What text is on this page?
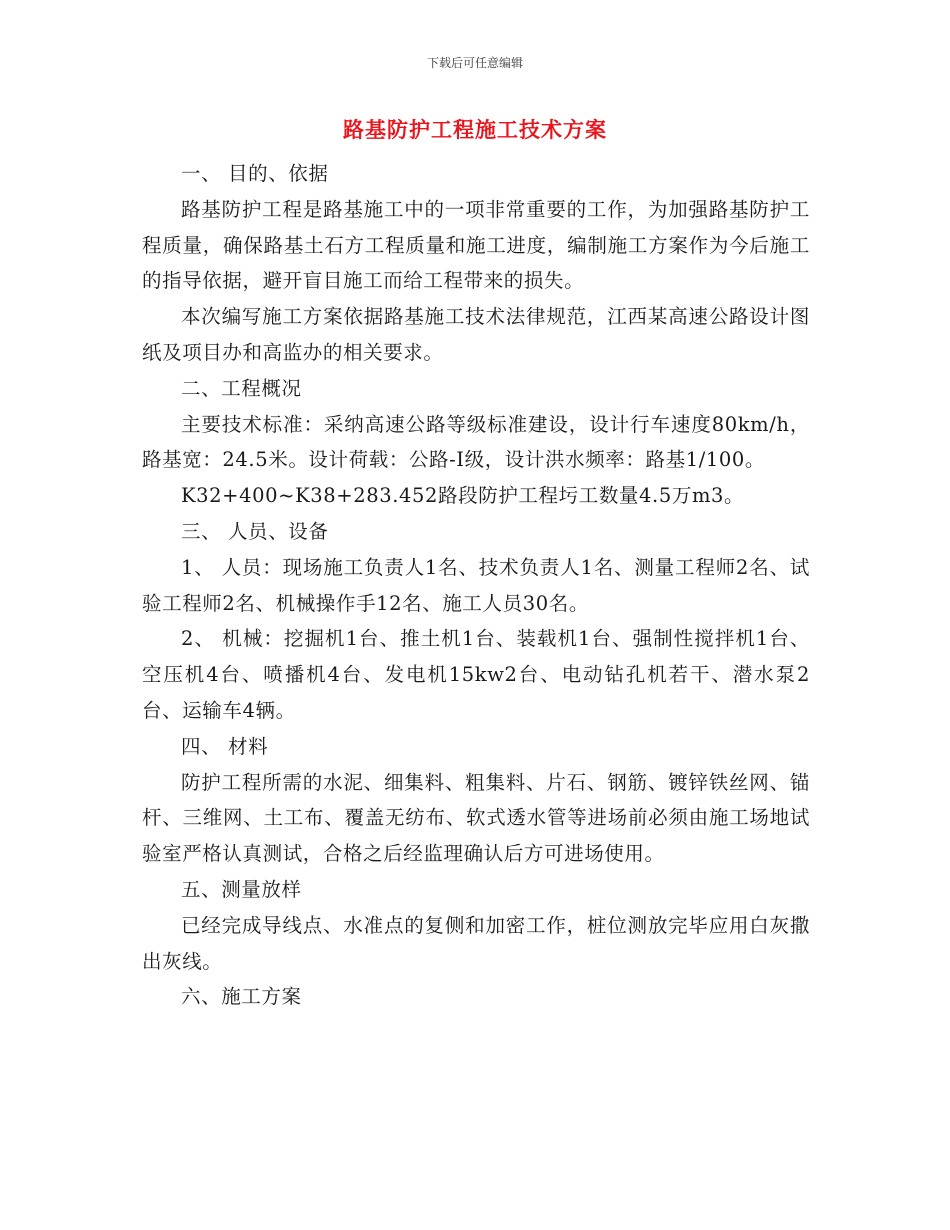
下载后可任意编辑
路基防护工程施工技术方案

一、 目的、依据

路基防护工程是路基施工中的一项非常重要的工作，为加强路基防护工程质量，确保路基土石方工程质量和施工进度，编制施工方案作为今后施工的指导依据，避开盲目施工而给工程带来的损失。

本次编写施工方案依据路基施工技术法律规范，江西某高速公路设计图纸及项目办和高监办的相关要求。

二、工程概况

主要技术标准：采纳高速公路等级标准建设，设计行车速度80km/h，路基宽：24.5米。设计荷载：公路-I级，设计洪水频率：路基1/100。

K32+400~K38+283.452路段防护工程圬工数量4.5万m3。

三、 人员、设备

1、 人员：现场施工负责人1名、技术负责人1名、测量工程师2名、试验工程师2名、机械操作手12名、施工人员30名。

2、 机械：挖掘机1台、推土机1台、装载机1台、强制性搅拌机1台、空压机4台、喷播机4台、发电机15kw2台、电动钻孔机若干、潜水泵2台、运输车4辆。

四、 材料

防护工程所需的水泥、细集料、粗集料、片石、钢筋、镀锌铁丝网、锚杆、三维网、土工布、覆盖无纺布、软式透水管等进场前必须由施工场地试验室严格认真测试，合格之后经监理确认后方可进场使用。

五、测量放样

已经完成导线点、水准点的复侧和加密工作，桩位测放完毕应用白灰撒出灰线。

六、施工方案
